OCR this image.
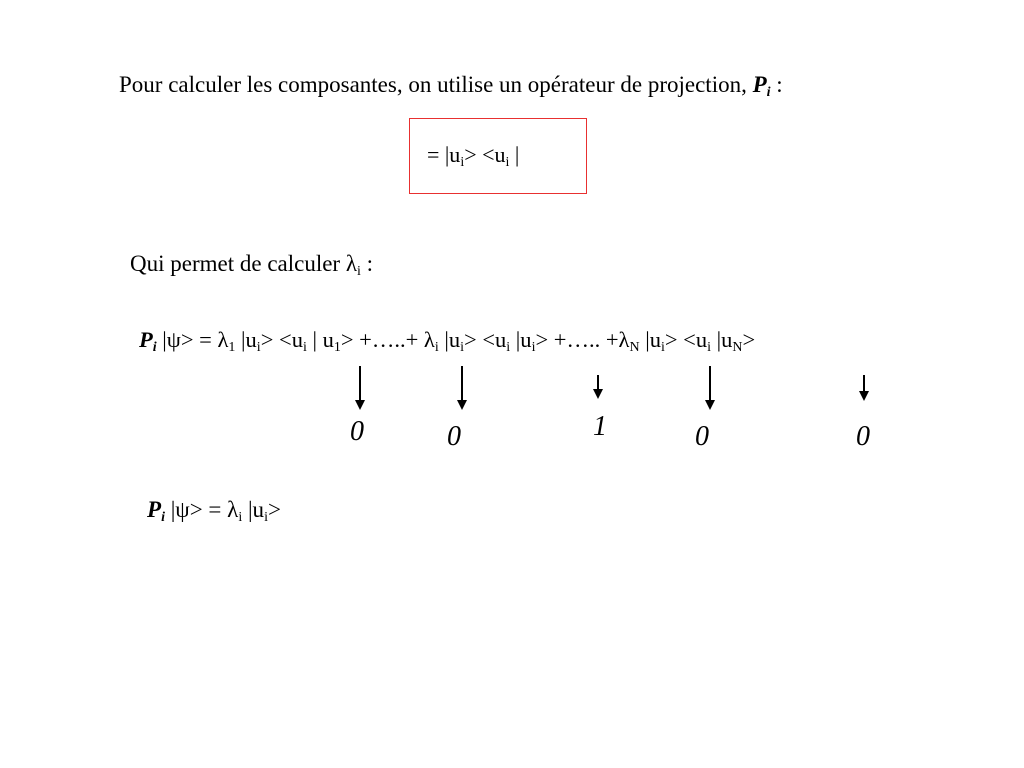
Pour calculer les composantes, on utilise un opérateur de projection, $P_i$ :
= $|u_i> <u_i$ |
Qui permet de calculer $\lambda_i$ :
$P_i$ $|\psi> = \lambda_1$ $|u_i> <u_i$ | $u_1>$ +…..+ $\lambda_i$ $|u_i> <u_i$ $|u_i>$ +….. $+\lambda_N$ $|u_i> <u_i$ $|u_N>$
0	0	1	0	0
$P_i$ $|\psi> = \lambda_i$ $|u_i>$
